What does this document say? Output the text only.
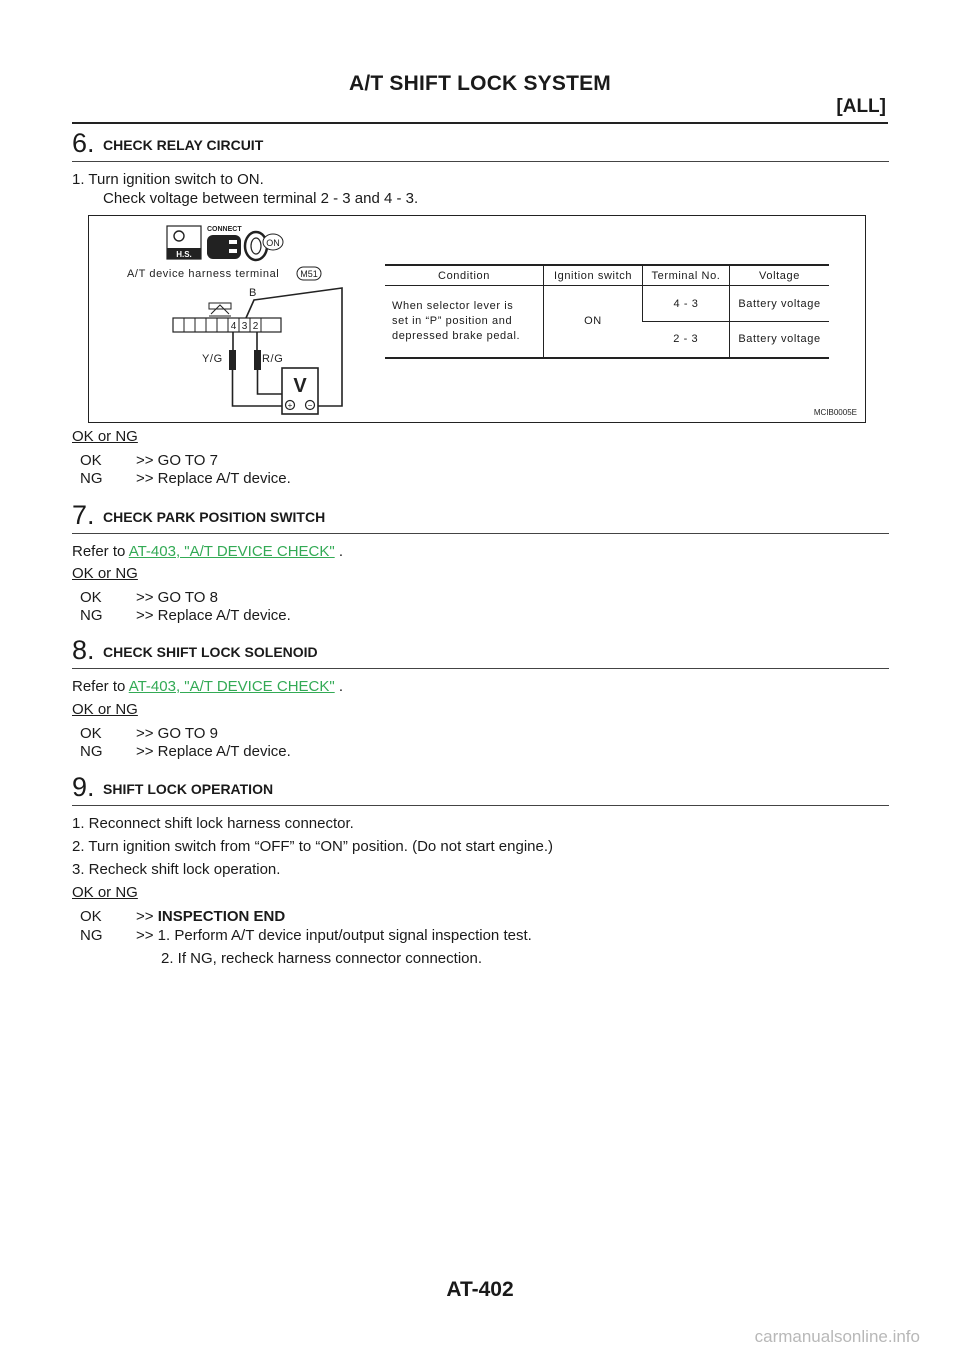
A/T SHIFT LOCK SYSTEM
[ALL]
6. CHECK RELAY CIRCUIT
1. Turn ignition switch to ON.
Check voltage between terminal 2 - 3 and 4 - 3.
H.S.
CONNECT
ON
A/T device harness terminal M51
4 3 2
B
Y/G	R/G
V
+ −
Condition	Ignition switch	Terminal No.	Voltage

When selector lever is
set in “P” position and
depressed brake pedal.	ON	4 - 3	Battery voltage
		2 - 3	Battery voltage
MCIB0005E
OK or NG
OK >> GO TO 7
NG >> Replace A/T device.
7. CHECK PARK POSITION SWITCH
Refer to AT-403, "A/T DEVICE CHECK" .
OK or NG
OK >> GO TO 8
NG >> Replace A/T device.
8. CHECK SHIFT LOCK SOLENOID
Refer to AT-403, "A/T DEVICE CHECK" .
OK or NG
OK >> GO TO 9
NG >> Replace A/T device.
9. SHIFT LOCK OPERATION
1. Reconnect shift lock harness connector.
2. Turn ignition switch from “OFF” to “ON” position. (Do not start engine.)
3. Recheck shift lock operation.
OK or NG
OK >> INSPECTION END
NG >> 1. Perform A/T device input/output signal inspection test.
2. If NG, recheck harness connector connection.
AT-402
carmanualsonline.info
